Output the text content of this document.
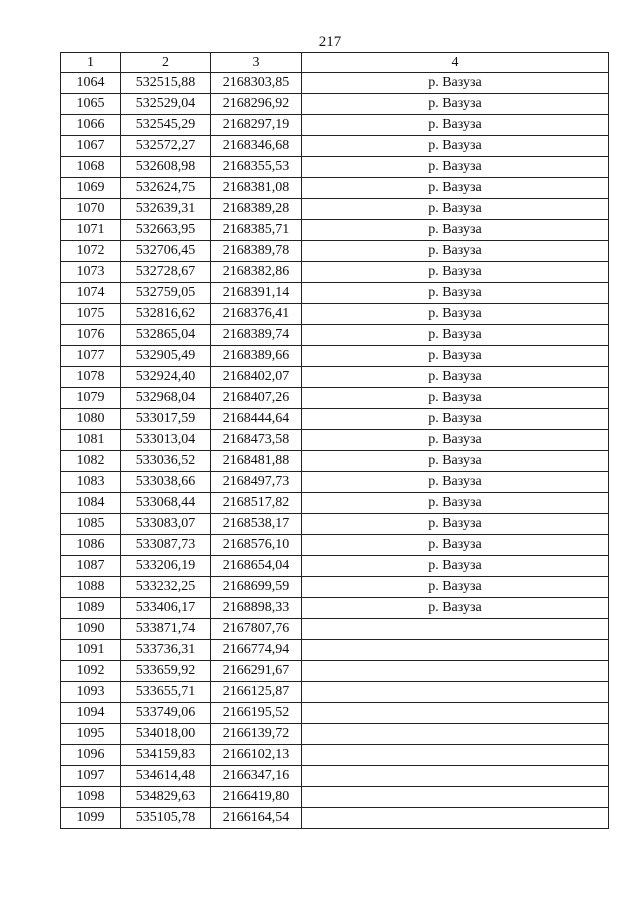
217
1	2	3	4
1064	532515,88	2168303,85	р. Вазуза
1065	532529,04	2168296,92	р. Вазуза
1066	532545,29	2168297,19	р. Вазуза
1067	532572,27	2168346,68	р. Вазуза
1068	532608,98	2168355,53	р. Вазуза
1069	532624,75	2168381,08	р. Вазуза
1070	532639,31	2168389,28	р. Вазуза
1071	532663,95	2168385,71	р. Вазуза
1072	532706,45	2168389,78	р. Вазуза
1073	532728,67	2168382,86	р. Вазуза
1074	532759,05	2168391,14	р. Вазуза
1075	532816,62	2168376,41	р. Вазуза
1076	532865,04	2168389,74	р. Вазуза
1077	532905,49	2168389,66	р. Вазуза
1078	532924,40	2168402,07	р. Вазуза
1079	532968,04	2168407,26	р. Вазуза
1080	533017,59	2168444,64	р. Вазуза
1081	533013,04	2168473,58	р. Вазуза
1082	533036,52	2168481,88	р. Вазуза
1083	533038,66	2168497,73	р. Вазуза
1084	533068,44	2168517,82	р. Вазуза
1085	533083,07	2168538,17	р. Вазуза
1086	533087,73	2168576,10	р. Вазуза
1087	533206,19	2168654,04	р. Вазуза
1088	533232,25	2168699,59	р. Вазуза
1089	533406,17	2168898,33	р. Вазуза
1090	533871,74	2167807,76	
1091	533736,31	2166774,94	
1092	533659,92	2166291,67	
1093	533655,71	2166125,87	
1094	533749,06	2166195,52	
1095	534018,00	2166139,72	
1096	534159,83	2166102,13	
1097	534614,48	2166347,16	
1098	534829,63	2166419,80	
1099	535105,78	2166164,54	
